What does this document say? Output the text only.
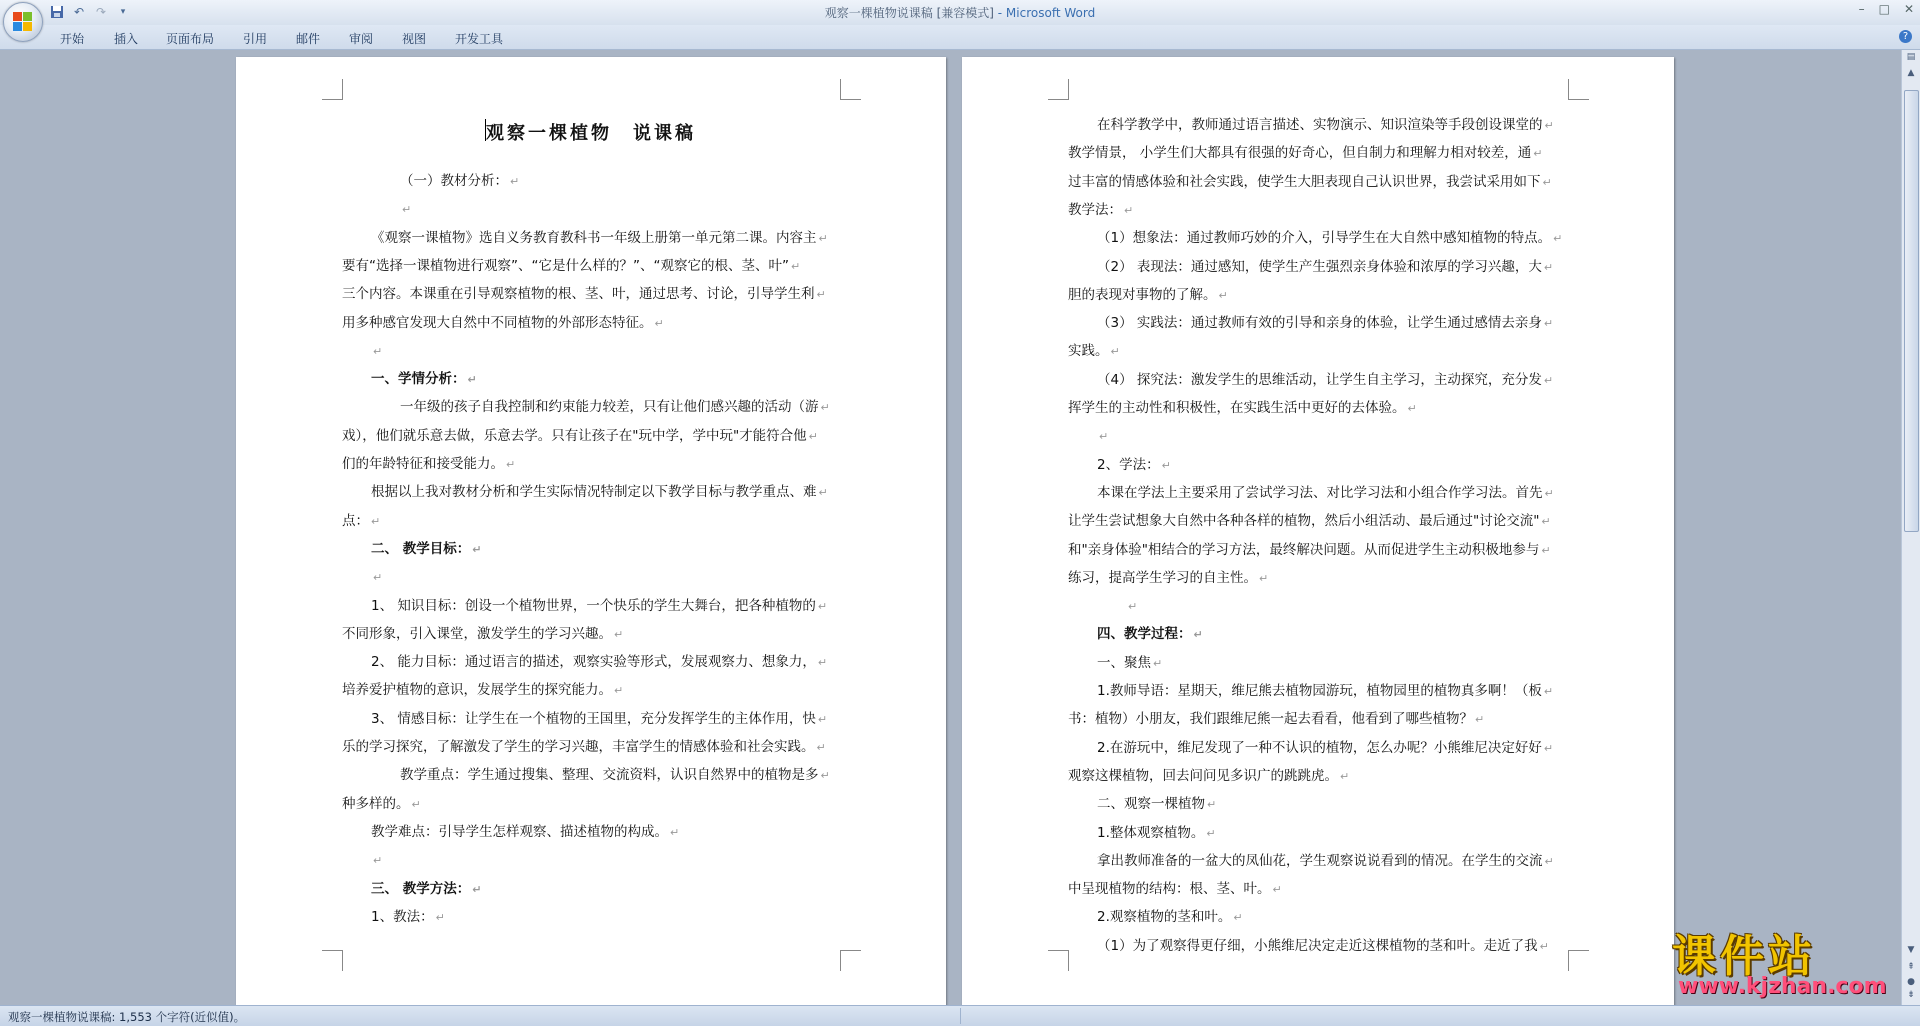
↶ ↷	▾	观察一棵植物说课稿 [兼容模式] - Microsoft Word	– □ ✕
开始 插入 页面布局 引用 邮件 审阅 视图 开发工具	?
观察一棵植物　说课稿
（一）教材分析： ↵
↵
《观察一课植物》选自义务教育教科书一年级上册第一单元第二课。内容主 ↵
要有“选择一课植物进行观察”、“它是什么样的？”、“观察它的根、茎、叶” ↵
三个内容。本课重在引导观察植物的根、茎、叶，通过思考、讨论，引导学生利 ↵
用多种感官发现大自然中不同植物的外部形态特征。 ↵
↵
一、学情分析： ↵
一年级的孩子自我控制和约束能力较差，只有让他们感兴趣的活动（游 ↵
戏），他们就乐意去做，乐意去学。只有让孩子在"玩中学，学中玩"才能符合他 ↵
们的年龄特征和接受能力。 ↵
根据以上我对教材分析和学生实际情况特制定以下教学目标与教学重点、难 ↵
点： ↵
二、 教学目标： ↵
↵
1、 知识目标：创设一个植物世界，一个快乐的学生大舞台，把各种植物的 ↵
不同形象，引入课堂，激发学生的学习兴趣。 ↵
2、 能力目标：通过语言的描述，观察实验等形式，发展观察力、想象力， ↵
培养爱护植物的意识，发展学生的探究能力。 ↵
3、 情感目标：让学生在一个植物的王国里，充分发挥学生的主体作用，快 ↵
乐的学习探究，了解激发了学生的学习兴趣，丰富学生的情感体验和社会实践。 ↵
教学重点：学生通过搜集、整理、交流资料，认识自然界中的植物是多 ↵
种多样的。 ↵
教学难点：引导学生怎样观察、描述植物的构成。 ↵
↵
三、 教学方法： ↵
1、教法： ↵
在科学教学中，教师通过语言描述、实物演示、知识渲染等手段创设课堂的 ↵
教学情景， 小学生们大都具有很强的好奇心，但自制力和理解力相对较差，通 ↵
过丰富的情感体验和社会实践，使学生大胆表现自己认识世界，我尝试采用如下 ↵
教学法： ↵
（1）想象法：通过教师巧妙的介入，引导学生在大自然中感知植物的特点。 ↵
（2） 表现法：通过感知，使学生产生强烈亲身体验和浓厚的学习兴趣，大 ↵
胆的表现对事物的了解。 ↵
（3） 实践法：通过教师有效的引导和亲身的体验，让学生通过感情去亲身 ↵
实践。 ↵
（4） 探究法：激发学生的思维活动，让学生自主学习，主动探究，充分发 ↵
挥学生的主动性和积极性，在实践生活中更好的去体验。 ↵
↵
2、学法： ↵
本课在学法上主要采用了尝试学习法、对比学习法和小组合作学习法。首先 ↵
让学生尝试想象大自然中各种各样的植物，然后小组活动、最后通过"讨论交流" ↵
和"亲身体验"相结合的学习方法，最终解决问题。从而促进学生主动积极地参与 ↵
练习，提高学生学习的自主性。 ↵
↵
四、教学过程： ↵
一、聚焦 ↵
1.教师导语：星期天，维尼熊去植物园游玩，植物园里的植物真多啊！（板 ↵
书：植物）小朋友，我们跟维尼熊一起去看看，他看到了哪些植物？ ↵
2.在游玩中，维尼发现了一种不认识的植物，怎么办呢？小熊维尼决定好好 ↵
观察这棵植物，回去问问见多识广的跳跳虎。 ↵
二、观察一棵植物 ↵
1.整体观察植物。 ↵
拿出教师准备的一盆大的凤仙花，学生观察说说看到的情况。在学生的交流 ↵
中呈现植物的结构：根、茎、叶。 ↵
2.观察植物的茎和叶。 ↵
（1）为了观察得更仔细，小熊维尼决定走近这棵植物的茎和叶。走近了我 ↵
▤
▲
▼
⇞
●
⇟
观察一棵植物说课稿: 1,553 个字符(近似值)。
课件站
www.kjzhan.com
